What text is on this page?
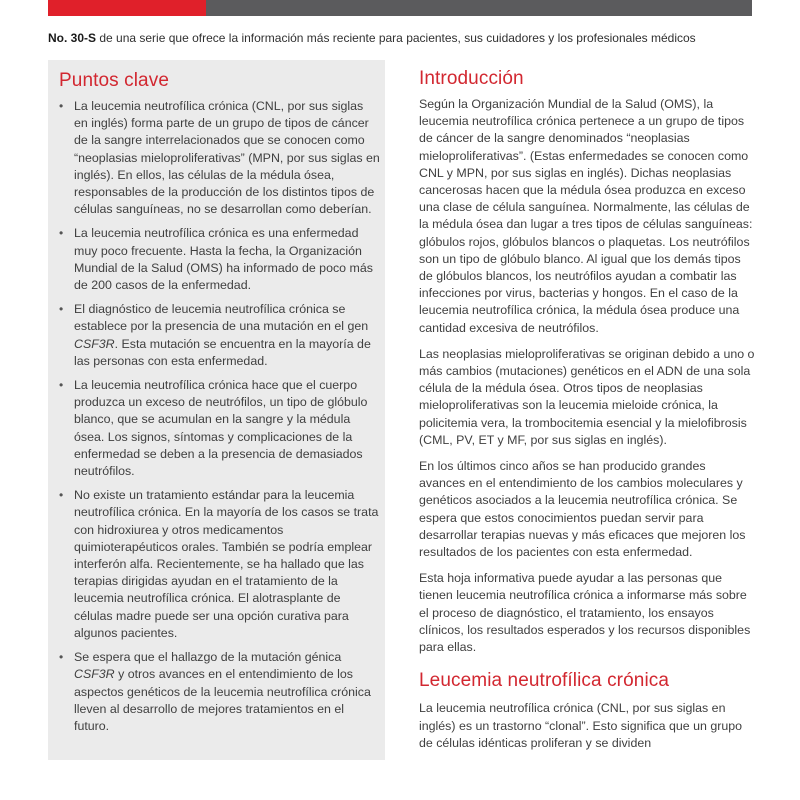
No. 30-S de una serie que ofrece la información más reciente para pacientes, sus cuidadores y los profesionales médicos
Puntos clave
• La leucemia neutrofílica crónica (CNL, por sus siglas en inglés) forma parte de un grupo de tipos de cáncer de la sangre interrelacionados que se conocen como “neoplasias mieloproliferativas” (MPN, por sus siglas en inglés). En ellos, las células de la médula ósea, responsables de la producción de los distintos tipos de células sanguíneas, no se desarrollan como deberían.
• La leucemia neutrofílica crónica es una enfermedad muy poco frecuente. Hasta la fecha, la Organización Mundial de la Salud (OMS) ha informado de poco más de 200 casos de la enfermedad.
• El diagnóstico de leucemia neutrofílica crónica se establece por la presencia de una mutación en el gen CSF3R. Esta mutación se encuentra en la mayoría de las personas con esta enfermedad.
• La leucemia neutrofílica crónica hace que el cuerpo produzca un exceso de neutrófilos, un tipo de glóbulo blanco, que se acumulan en la sangre y la médula ósea. Los signos, síntomas y complicaciones de la enfermedad se deben a la presencia de demasiados neutrófilos.
• No existe un tratamiento estándar para la leucemia neutrofílica crónica. En la mayoría de los casos se trata con hidroxiurea y otros medicamentos quimioterapéuticos orales. También se podría emplear interferón alfa. Recientemente, se ha hallado que las terapias dirigidas ayudan en el tratamiento de la leucemia neutrofílica crónica. El alotrasplante de células madre puede ser una opción curativa para algunos pacientes.
• Se espera que el hallazgo de la mutación génica CSF3R y otros avances en el entendimiento de los aspectos genéticos de la leucemia neutrofílica crónica lleven al desarrollo de mejores tratamientos en el futuro.
Introducción

Según la Organización Mundial de la Salud (OMS), la leucemia neutrofílica crónica pertenece a un grupo de tipos de cáncer de la sangre denominados “neoplasias mieloproliferativas”. (Estas enfermedades se conocen como CNL y MPN, por sus siglas en inglés). Dichas neoplasias cancerosas hacen que la médula ósea produzca en exceso una clase de célula sanguínea. Normalmente, las células de la médula ósea dan lugar a tres tipos de células sanguíneas: glóbulos rojos, glóbulos blancos o plaquetas. Los neutrófilos son un tipo de glóbulo blanco. Al igual que los demás tipos de glóbulos blancos, los neutrófilos ayudan a combatir las infecciones por virus, bacterias y hongos. En el caso de la leucemia neutrofílica crónica, la médula ósea produce una cantidad excesiva de neutrófilos.

Las neoplasias mieloproliferativas se originan debido a uno o más cambios (mutaciones) genéticos en el ADN de una sola célula de la médula ósea. Otros tipos de neoplasias mieloproliferativas son la leucemia mieloide crónica, la policitemia vera, la trombocitemia esencial y la mielofibrosis (CML, PV, ET y MF, por sus siglas en inglés).

En los últimos cinco años se han producido grandes avances en el entendimiento de los cambios moleculares y genéticos asociados a la leucemia neutrofílica crónica. Se espera que estos conocimientos puedan servir para desarrollar terapias nuevas y más eficaces que mejoren los resultados de los pacientes con esta enfermedad.

Esta hoja informativa puede ayudar a las personas que tienen leucemia neutrofílica crónica a informarse más sobre el proceso de diagnóstico, el tratamiento, los ensayos clínicos, los resultados esperados y los recursos disponibles para ellas.

Leucemia neutrofílica crónica

La leucemia neutrofílica crónica (CNL, por sus siglas en inglés) es un trastorno “clonal”. Esto significa que un grupo de células idénticas proliferan y se dividen
